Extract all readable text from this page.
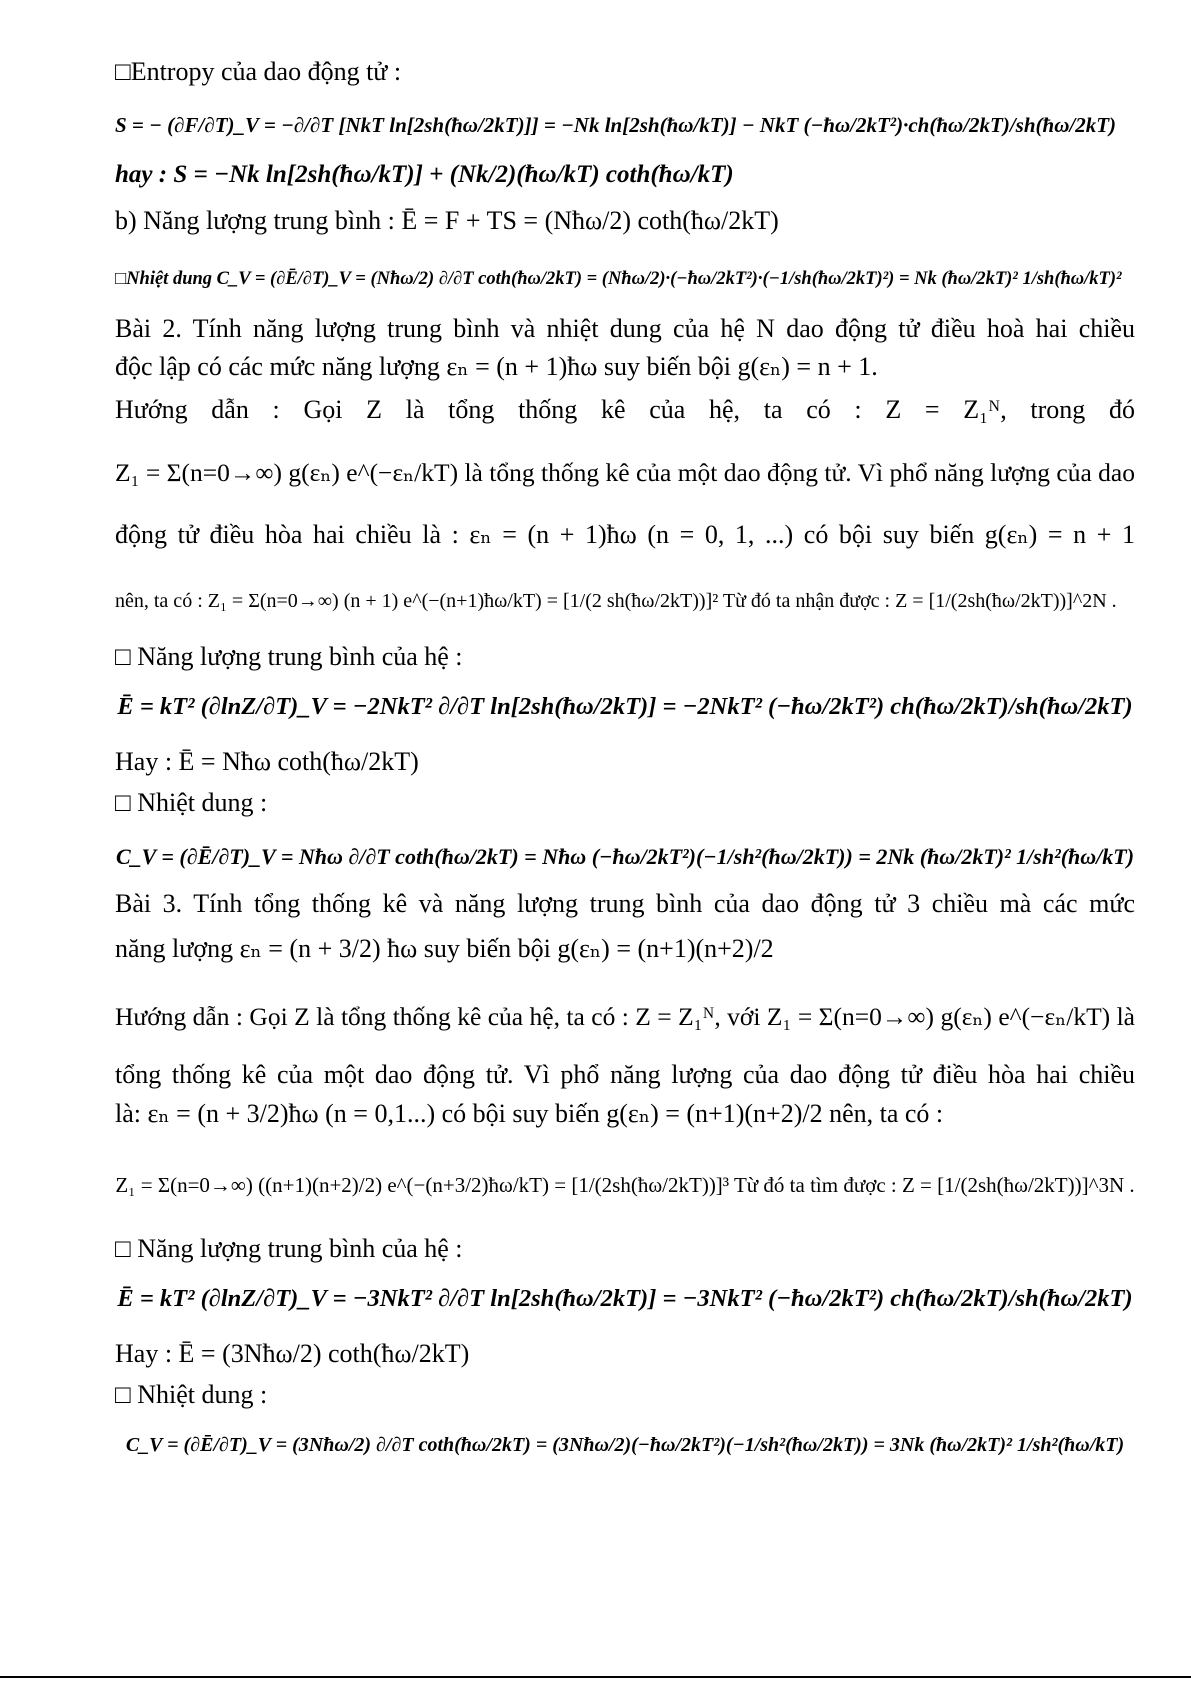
□Entropy của dao động tử :
S = − (∂F/∂T)_V = −∂/∂T [NkT ln[2sh(ħω/2kT)]] = −Nk ln[2sh(ħω/kT)] − NkT (−ħω/2kT²)·ch(ħω/2kT)/sh(ħω/2kT)
hay : S = −Nk ln[2sh(ħω/kT)] + (Nk/2)(ħω/kT) coth(ħω/kT)
b) Năng lượng trung bình : Ē = F + TS = (Nħω/2) coth(ħω/2kT)
□Nhiệt dung C_V = (∂Ē/∂T)_V = (Nħω/2) ∂/∂T coth(ħω/2kT) = (Nħω/2)·(−ħω/2kT²)·(−1/sh(ħω/2kT)²) = Nk (ħω/2kT)² 1/sh(ħω/kT)²
Bài 2. Tính năng lượng trung bình và nhiệt dung của hệ N dao động tử điều hoà hai chiều
độc lập có các mức năng lượng εₙ = (n + 1)ħω suy biến bội g(εₙ) = n + 1.
Hướng dẫn : Gọi Z là tổng thống kê của hệ, ta có : Z = Z₁ᴺ, trong đó
Z₁ = Σ(n=0→∞) g(εₙ) e^(−εₙ/kT) là tổng thống kê của một dao động tử. Vì phổ năng lượng của dao
động tử điều hòa hai chiều là : εₙ = (n + 1)ħω (n = 0, 1, ...) có bội suy biến g(εₙ) = n + 1
nên, ta có : Z₁ = Σ(n=0→∞) (n + 1) e^(−(n+1)ħω/kT) = [1/(2 sh(ħω/2kT))]² Từ đó ta nhận được : Z = [1/(2sh(ħω/2kT))]^2N .
□ Năng lượng trung bình của hệ :
Ē = kT² (∂lnZ/∂T)_V = −2NkT² ∂/∂T ln[2sh(ħω/2kT)] = −2NkT² (−ħω/2kT²) ch(ħω/2kT)/sh(ħω/2kT)
Hay : Ē = Nħω coth(ħω/2kT)
□ Nhiệt dung :
C_V = (∂Ē/∂T)_V = Nħω ∂/∂T coth(ħω/2kT) = Nħω (−ħω/2kT²)(−1/sh²(ħω/2kT)) = 2Nk (ħω/2kT)² 1/sh²(ħω/kT)
Bài 3. Tính tổng thống kê và năng lượng trung bình của dao động tử 3 chiều mà các mức
năng lượng εₙ = (n + 3/2) ħω suy biến bội g(εₙ) = (n+1)(n+2)/2
Hướng dẫn : Gọi Z là tổng thống kê của hệ, ta có : Z = Z₁ᴺ, với Z₁ = Σ(n=0→∞) g(εₙ) e^(−εₙ/kT) là
tổng thống kê của một dao động tử. Vì phổ năng lượng của dao động tử điều hòa hai chiều
là: εₙ = (n + 3/2)ħω (n = 0,1...) có bội suy biến g(εₙ) = (n+1)(n+2)/2 nên, ta có :
Z₁ = Σ(n=0→∞) ((n+1)(n+2)/2) e^(−(n+3/2)ħω/kT) = [1/(2sh(ħω/2kT))]³ Từ đó ta tìm được : Z = [1/(2sh(ħω/2kT))]^3N .
□ Năng lượng trung bình của hệ :
Ē = kT² (∂lnZ/∂T)_V = −3NkT² ∂/∂T ln[2sh(ħω/2kT)] = −3NkT² (−ħω/2kT²) ch(ħω/2kT)/sh(ħω/2kT)
Hay : Ē = (3Nħω/2) coth(ħω/2kT)
□ Nhiệt dung :
C_V = (∂Ē/∂T)_V = (3Nħω/2) ∂/∂T coth(ħω/2kT) = (3Nħω/2)(−ħω/2kT²)(−1/sh²(ħω/2kT)) = 3Nk (ħω/2kT)² 1/sh²(ħω/kT)
